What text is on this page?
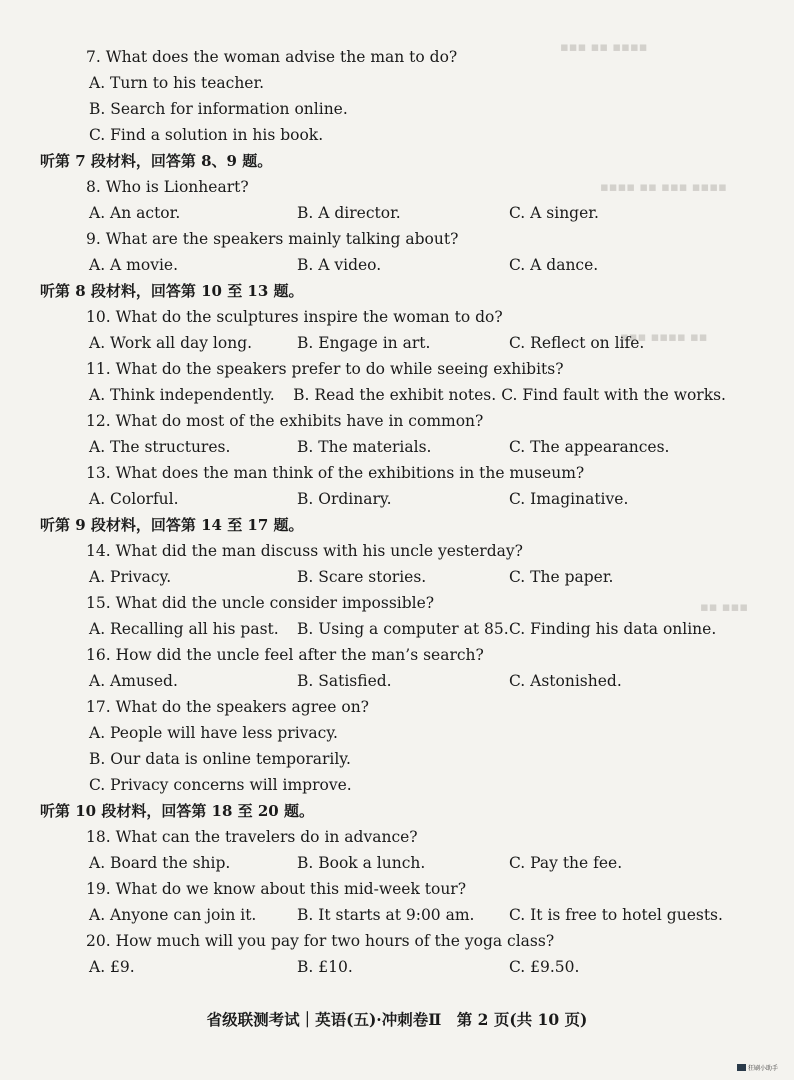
▪▪▪ ▪▪ ▪▪▪▪
▪▪▪▪ ▪▪ ▪▪▪ ▪▪▪▪
▪▪▪ ▪▪▪▪ ▪▪
▪▪ ▪▪▪
7. What does the woman advise the man to do?
A. Turn to his teacher.
B. Search for information online.
C. Find a solution in his book.
听第 7 段材料，回答第 8、9 题。
8. Who is Lionheart?
A. An actor.	B. A director.	C. A singer.
9. What are the speakers mainly talking about?
A. A movie.	B. A video.	C. A dance.
听第 8 段材料，回答第 10 至 13 题。
10. What do the sculptures inspire the woman to do?
A. Work all day long.	B. Engage in art.	C. Reflect on life.
11. What do the speakers prefer to do while seeing exhibits?
A. Think independently.	B. Read the exhibit notes. C. Find fault with the works.
12. What do most of the exhibits have in common?
A. The structures.	B. The materials.	C. The appearances.
13. What does the man think of the exhibitions in the museum?
A. Colorful.	B. Ordinary.	C. Imaginative.
听第 9 段材料，回答第 14 至 17 题。
14. What did the man discuss with his uncle yesterday?
A. Privacy.	B. Scare stories.	C. The paper.
15. What did the uncle consider impossible?
A. Recalling all his past.	B. Using a computer at 85. C. Finding his data online.
16. How did the uncle feel after the man’s search?
A. Amused.	B. Satisfied.	C. Astonished.
17. What do the speakers agree on?
A. People will have less privacy.
B. Our data is online temporarily.
C. Privacy concerns will improve.
听第 10 段材料，回答第 18 至 20 题。
18. What can the travelers do in advance?
A. Board the ship.	B. Book a lunch.	C. Pay the fee.
19. What do we know about this mid-week tour?
A. Anyone can join it.	B. It starts at 9:00 am.	C. It is free to hotel guests.
20. How much will you pay for two hours of the yoga class?
A. £9.	B. £10.	C. £9.50.
省级联测考试｜英语(五)·冲刺卷Ⅱ　第 2 页(共 10 页)
狂刷小助手
